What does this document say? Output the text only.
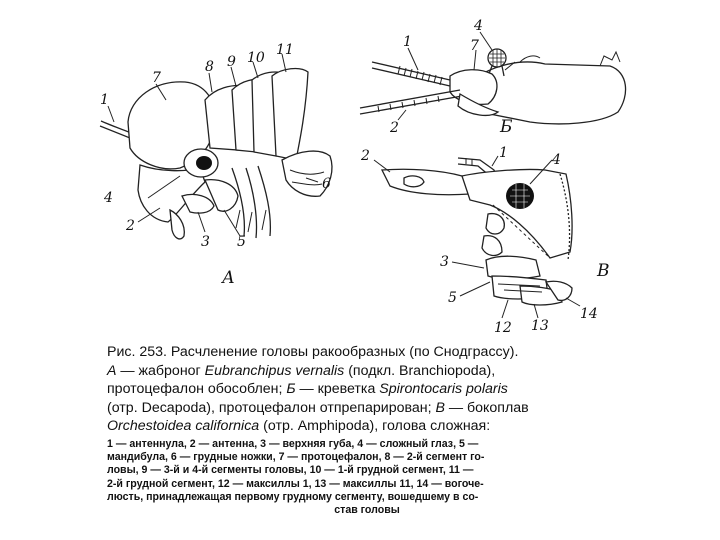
1
7
8 9 10 11
4
2
3 5
6
А
4
1	7
2	Б
2	1	4
3
5
12 13
14
В
Рис. 253. Расчленение головы ракообразных (по Снодграссу).
А — жаброног Eubranchipus vernalis (подкл. Branchiopoda),
протоцефалон обособлен; Б — креветка Spirontocaris polaris
(отр. Decapoda), протоцефалон отпрепарирован; В — бокоплав
Orchestoidea californica (отр. Amphipoda), голова сложная:
1 — антеннула, 2 — антенна, 3 — верхняя губа, 4 — сложный глаз, 5 —
мандибула, 6 — грудные ножки, 7 — протоцефалон, 8 — 2-й сегмент го-
ловы, 9 — 3-й и 4-й сегменты головы, 10 — 1-й грудной сегмент, 11 —
2-й грудной сегмент, 12 — максиллы 1, 13 — максиллы 11, 14 — вогоче-
люсть, принадлежащая первому грудному сегменту, вошедшему в со-
став головы
